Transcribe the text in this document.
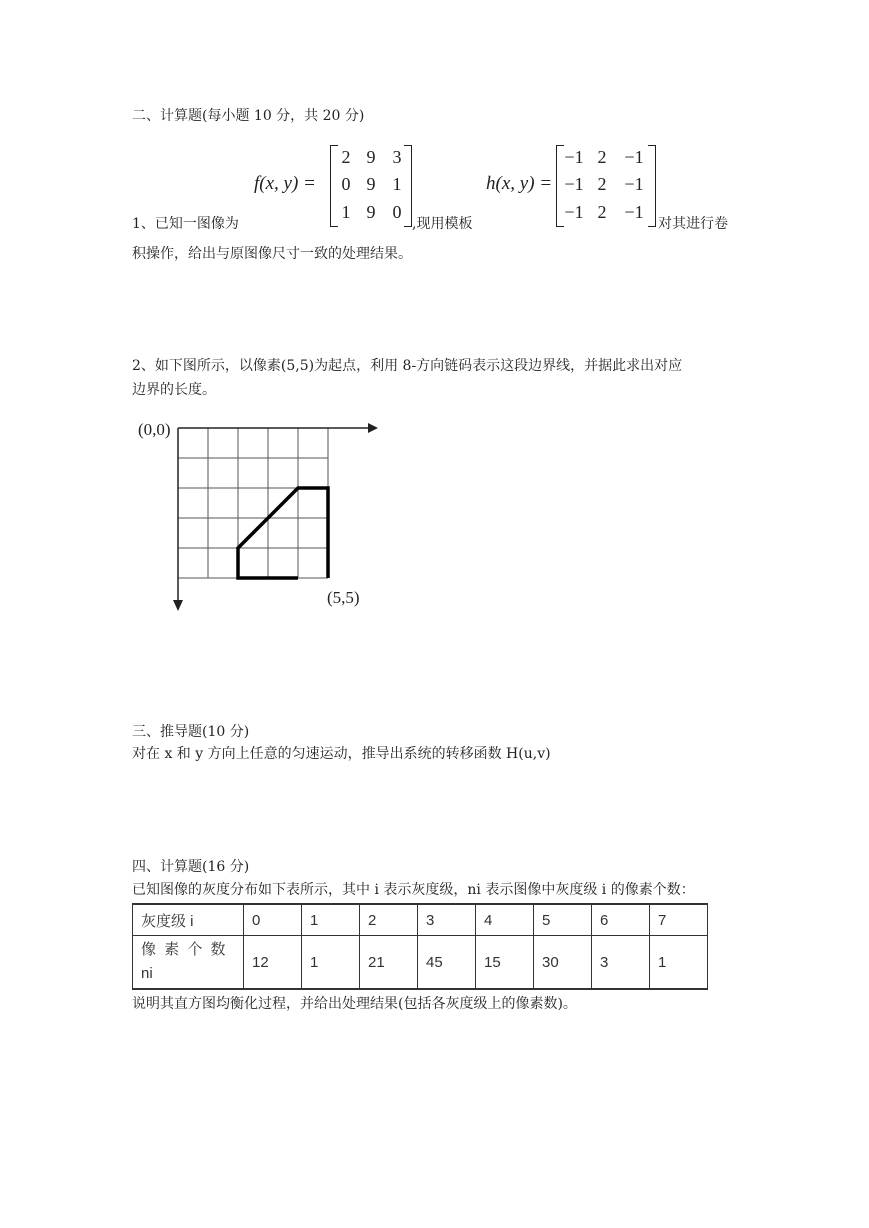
二、计算题(每小题 10 分，共 20 分)
f(x, y) =
2 9 3
0 9 1
1 9 0
h(x, y) =
−1 2 −1
−1 2 −1
−1 2 −1
1、已知一图像为	,现用模板	对其进行卷
积操作，给出与原图像尺寸一致的处理结果。
2、如下图所示，以像素(5,5)为起点，利用 8-方向链码表示这段边界线，并据此求出对应
边界的长度。
(0,0)
(5,5)
三、推导题(10 分)
对在 x 和 y 方向上任意的匀速运动，推导出系统的转移函数 H(u,v)
四、计算题(16 分)
已知图像的灰度分布如下表所示，其中 i 表示灰度级，ni 表示图像中灰度级 i 的像素个数：
灰度级 i	0	1	2	3	4	5	6	7

像 素 个 数
ni	12	1	21	45	15	30	3	1
说明其直方图均衡化过程，并给出处理结果(包括各灰度级上的像素数)。
